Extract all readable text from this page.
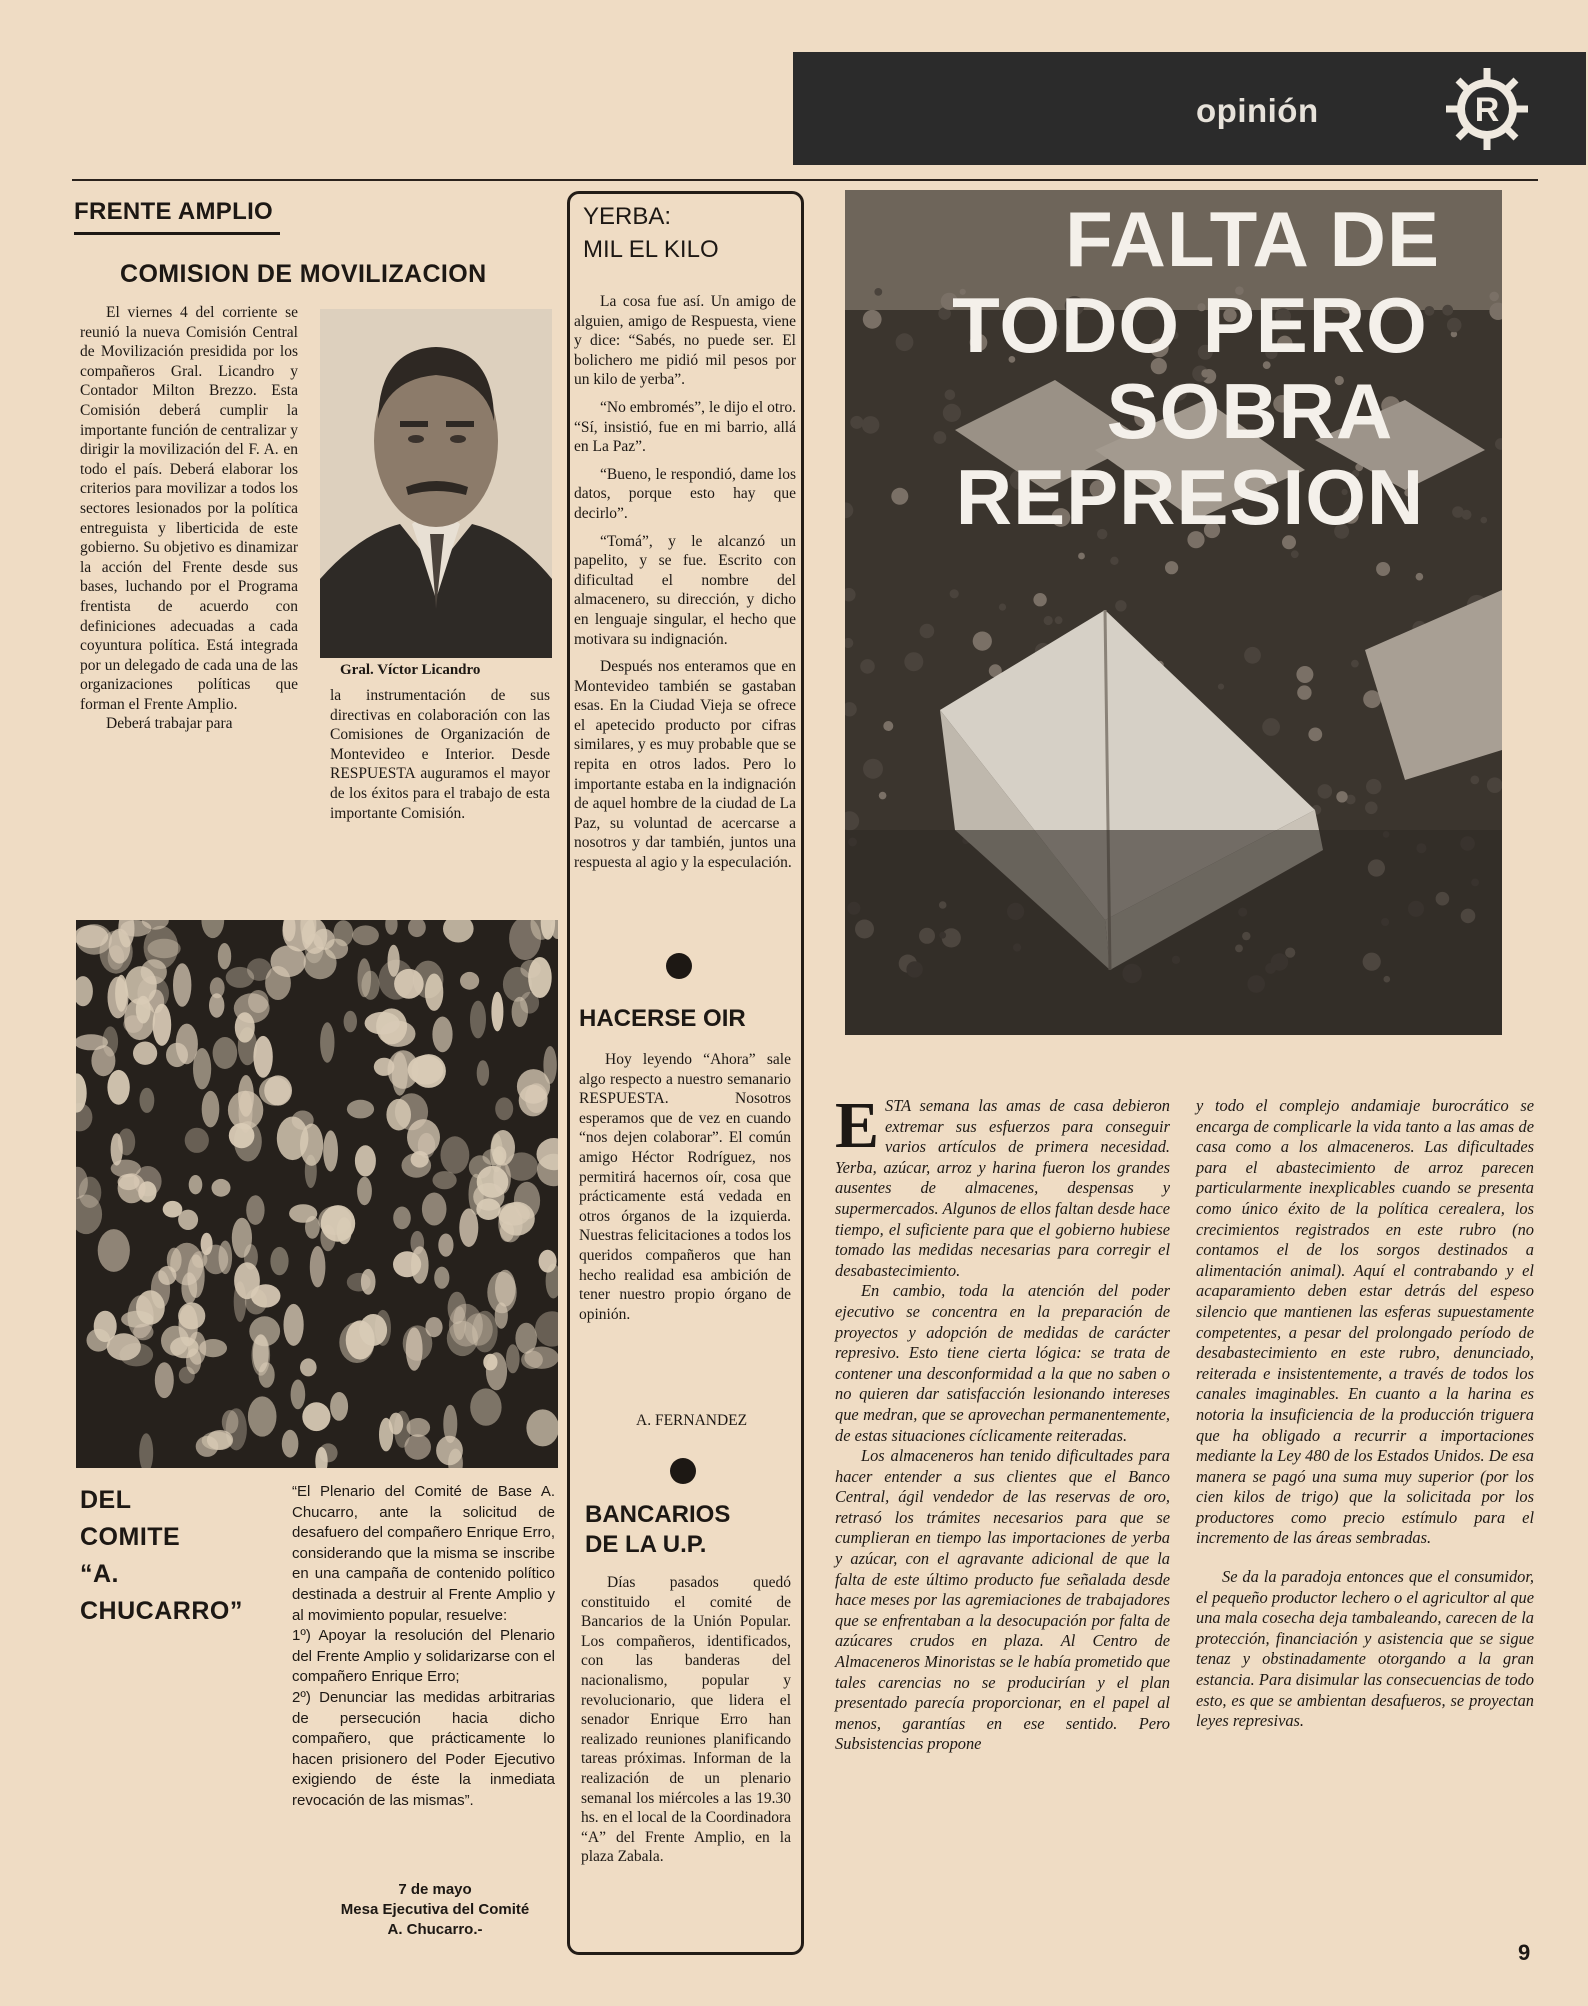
opinión	R
FRENTE AMPLIO
COMISION DE MOVILIZACION

El viernes 4 del corriente se reunió la nueva Comisión Central de Movilización presidida por los compañeros Gral. Licandro y Contador Milton Brezzo. Esta Comisión deberá cumplir la importante función de centralizar y dirigir la movilización del F. A. en todo el país. Deberá elaborar los criterios para movilizar a todos los sectores lesionados por la política entreguista y liberticida de este gobierno. Su objetivo es dinamizar la acción del Frente desde sus bases, luchando por el Programa frentista de acuerdo con definiciones adecuadas a cada coyuntura política. Está integrada por un delegado de cada una de las organizaciones políticas que forman el Frente Amplio.

Deberá trabajar para

Gral. Víctor Licandro
la instrumentación de sus directivas en colaboración con las Comisiones de Organización de Montevideo e Interior. Desde RESPUESTA auguramos el mayor de los éxitos para el trabajo de esta importante Comisión.
DEL
COMITE
“A.
CHUCARRO”

“El Plenario del Comité de Base A. Chucarro, ante la solicitud de desafuero del compañero Enrique Erro, considerando que la misma se inscribe en una campaña de contenido político destinada a destruir al Frente Amplio y al movimiento popular, resuelve:

1º) Apoyar la resolución del Plenario del Frente Amplio y solidarizarse con el compañero Enrique Erro;

2º) Denunciar las medidas arbitrarias de persecución hacia dicho compañero, que prácticamente lo hacen prisionero del Poder Ejecutivo exigiendo de éste la inmediata revocación de las mismas”.

7 de mayo
Mesa Ejecutiva del Comité
A. Chucarro.-
YERBA:
MIL EL KILO

La cosa fue así. Un amigo de alguien, amigo de Respuesta, viene y dice: “Sabés, no puede ser. El bolichero me pidió mil pesos por un kilo de yerba”.

“No embromés”, le dijo el otro. “Sí, insistió, fue en mi barrio, allá en La Paz”.

“Bueno, le respondió, dame los datos, porque esto hay que decirlo”.

“Tomá”, y le alcanzó un papelito, y se fue. Escrito con dificultad el nombre del almacenero, su dirección, y dicho en lenguaje singular, el hecho que motivara su indignación.

Después nos enteramos que en Montevideo también se gastaban esas. En la Ciudad Vieja se ofrece el apetecido producto por cifras similares, y es muy probable que se repita en otros lados. Pero lo importante estaba en la indignación de aquel hombre de la ciudad de La Paz, su voluntad de acercarse a nosotros y dar también, juntos una respuesta al agio y la especulación.

HACERSE OIR

Hoy leyendo “Ahora” sale algo respecto a nuestro semanario RESPUESTA. Nosotros esperamos que de vez en cuando “nos dejen colaborar”. El común amigo Héctor Rodríguez, nos permitirá hacernos oír, cosa que prácticamente está vedada en otros órganos de la izquierda. Nuestras felicitaciones a todos los queridos compañeros que han hecho realidad esa ambición de tener nuestro propio órgano de opinión.

A. FERNANDEZ
BANCARIOS
DE LA U.P.

Días pasados quedó constituido el comité de Bancarios de la Unión Popular. Los compañeros, identificados, con las banderas del nacionalismo, popular y revolucionario, que lidera el senador Enrique Erro han realizado reuniones planificando tareas próximas. Informan de la realización de un plenario semanal los miércoles a las 19.30 hs. en el local de la Coordinadora “A” del Frente Amplio, en la plaza Zabala.

FALTA DE
TODO PERO
SOBRA
REPRESION

ESTA semana las amas de casa debieron extremar sus esfuerzos para conseguir varios artículos de primera necesidad. Yerba, azúcar, arroz y harina fueron los grandes ausentes de almacenes, despensas y supermercados. Algunos de ellos faltan desde hace tiempo, el suficiente para que el gobierno hubiese tomado las medidas necesarias para corregir el desabastecimiento.

En cambio, toda la atención del poder ejecutivo se concentra en la preparación de proyectos y adopción de medidas de carácter represivo. Esto tiene cierta lógica: se trata de contener una desconformidad a la que no saben o no quieren dar satisfacción lesionando intereses que medran, que se aprovechan permanentemente, de estas situaciones cíclicamente reiteradas.

Los almaceneros han tenido dificultades para hacer entender a sus clientes que el Banco Central, ágil vendedor de las reservas de oro, retrasó los trámites necesarios para que se cumplieran en tiempo las importaciones de yerba y azúcar, con el agravante adicional de que la falta de este último producto fue señalada desde hace meses por las agremiaciones de trabajadores que se enfrentaban a la desocupación por falta de azúcares crudos en plaza. Al Centro de Almaceneros Minoristas se le había prometido que tales carencias no se producirían y el plan presentado parecía proporcionar, en el papel al menos, garantías en ese sentido. Pero Subsistencias propone

y todo el complejo andamiaje burocrático se encarga de complicarle la vida tanto a las amas de casa como a los almaceneros. Las dificultades para el abastecimiento de arroz parecen particularmente inexplicables cuando se presenta como único éxito de la política cerealera, los crecimientos registrados en este rubro (no contamos el de los sorgos destinados a alimentación animal). Aquí el contrabando y el acaparamiento deben estar detrás del espeso silencio que mantienen las esferas supuestamente competentes, a pesar del prolongado período de desabastecimiento en este rubro, denunciado, reiterada e insistentemente, a través de todos los canales imaginables. En cuanto a la harina es notoria la insuficiencia de la producción triguera que ha obligado a recurrir a importaciones mediante la Ley 480 de los Estados Unidos. De esa manera se pagó una suma muy superior (por los cien kilos de trigo) que la solicitada por los productores como precio estímulo para el incremento de las áreas sembradas.

Se da la paradoja entonces que el consumidor, el pequeño productor lechero o el agricultor al que una mala cosecha deja tambaleando, carecen de la protección, financiación y asistencia que se sigue tenaz y obstinadamente otorgando a la gran estancia. Para disimular las consecuencias de todo esto, es que se ambientan desafueros, se proyectan leyes represivas.

9
